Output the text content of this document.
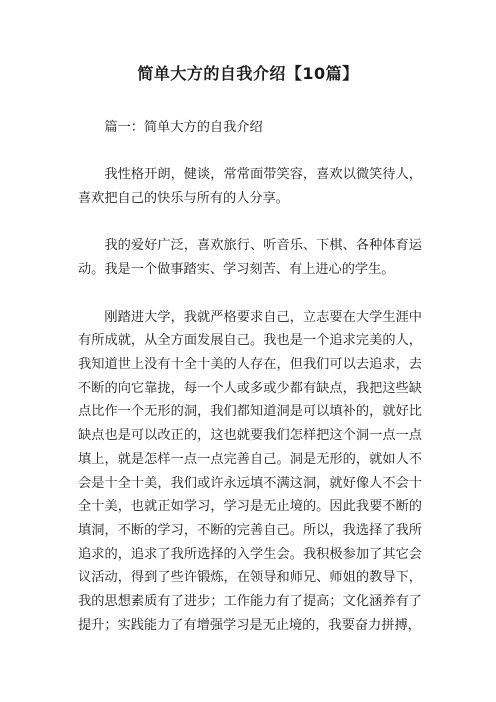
简单大方的自我介绍【10篇】

篇一：简单大方的自我介绍

我性格开朗，健谈，常常面带笑容，喜欢以微笑待人，喜欢把自己的快乐与所有的人分享。

我的爱好广泛，喜欢旅行、听音乐、下棋、各种体育运动。我是一个做事踏实、学习刻苦、有上进心的学生。

刚踏进大学，我就严格要求自己，立志要在大学生涯中有所成就，从全方面发展自己。我也是一个追求完美的人，我知道世上没有十全十美的人存在，但我们可以去追求，去不断的向它靠拢，每一个人或多或少都有缺点，我把这些缺点比作一个无形的洞，我们都知道洞是可以填补的，就好比缺点也是可以改正的，这也就要我们怎样把这个洞一点一点填上，就是怎样一点一点完善自己。洞是无形的，就如人不会是十全十美，我们或许永远填不满这洞，就好像人不会十全十美，也就正如学习，学习是无止境的。因此我要不断的填洞，不断的学习，不断的完善自己。所以，我选择了我所追求的，追求了我所选择的入学生会。我积极参加了其它会议活动，得到了些许锻炼，在领导和师兄、师姐的教导下，我的思想素质有了进步；工作能力有了提高；文化涵养有了提升；实践能力了有增强学习是无止境的，我要奋力拼搏，
